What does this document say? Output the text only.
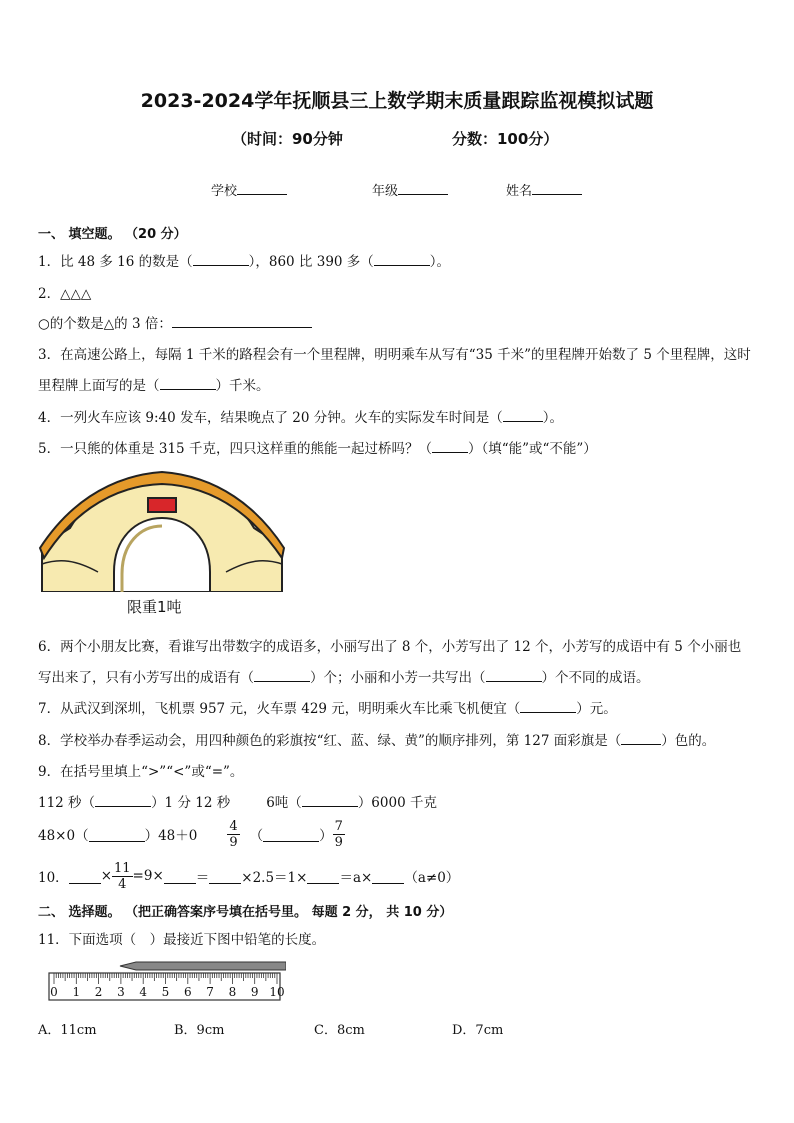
2023-2024学年抚顺县三上数学期末质量跟踪监视模拟试题
（时间：90分钟	分数：100分）
学校	年级	姓名
一、 填空题。 （20 分）
1．比 48 多 16 的数是（	），860 比 390 多（	）。
2．△△△
○的个数是△的 3 倍：
3．在高速公路上，每隔 1 千米的路程会有一个里程牌，明明乘车从写有“35 千米”的里程牌开始数了 5 个里程牌，这时
里程牌上面写的是（	）千米。
4．一列火车应该 9:40 发车，结果晚点了 20 分钟。火车的实际发车时间是（	）。
5．一只熊的体重是 315 千克，四只这样重的熊能一起过桥吗？（	）（填“能”或“不能”）
限重1吨
6．两个小朋友比赛，看谁写出带数字的成语多，小丽写出了 8 个，小芳写出了 12 个，小芳写的成语中有 5 个小丽也
写出来了，只有小芳写出的成语有（	）个；小丽和小芳一共写出（	）个不同的成语。
7．从武汉到深圳，飞机票 957 元，火车票 429 元，明明乘火车比乘飞机便宜（	）元。
8．学校举办春季运动会，用四种颜色的彩旗按“红、蓝、绿、黄”的顺序排列，第 127 面彩旗是（	）色的。
9．在括号里填上“>”“<”或“=”。
112 秒（	）1 分 12 秒	6吨（	）6000 千克
48×0（	）$48+0 \frac{4}{9}$ （	） $\frac{7}{9}$
10． × $\frac{11}{4} =9\times = \times 2.5=1\times =a\times (a\ne 0)$
二、 选择题。 （把正确答案序号填在括号里。 每题 2 分， 共 10 分）
11．下面选项（　）最接近下图中铅笔的长度。
0 1 2 3 4 5 6 7 8 9 10
A．11cm	B．9cm	C．8cm	D．7cm
